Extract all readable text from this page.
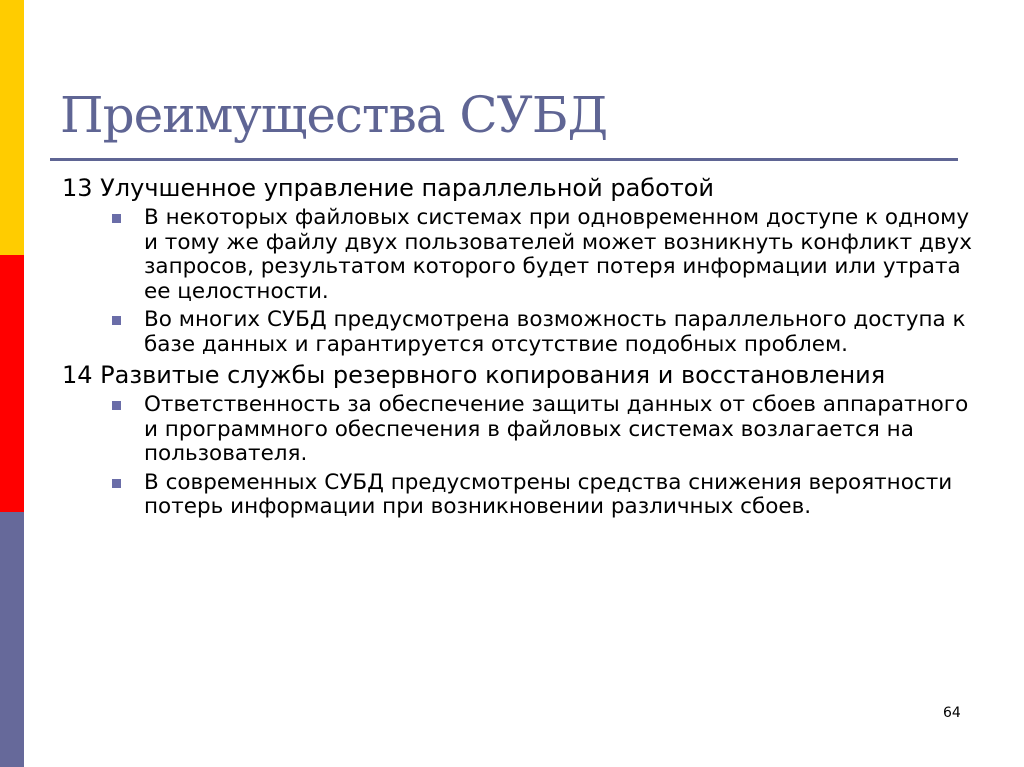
Преимущества СУБД

13 Улучшенное управление параллельной работой

В некоторых файловых системах при одновременном доступе к одному и тому же файлу двух пользователей может возникнуть конфликт двух запросов, результатом которого будет потеря информации или утрата ее целостности.
Во многих СУБД предусмотрена возможность параллельного доступа к базе данных и гарантируется отсутствие подобных проблем.

14 Развитые службы резервного копирования и восстановления

Ответственность за обеспечение защиты данных от сбоев аппаратного и программного обеспечения в файловых системах возлагается на пользователя.
В современных СУБД предусмотрены средства снижения вероятности потерь информации при возникновении различных сбоев.
64
